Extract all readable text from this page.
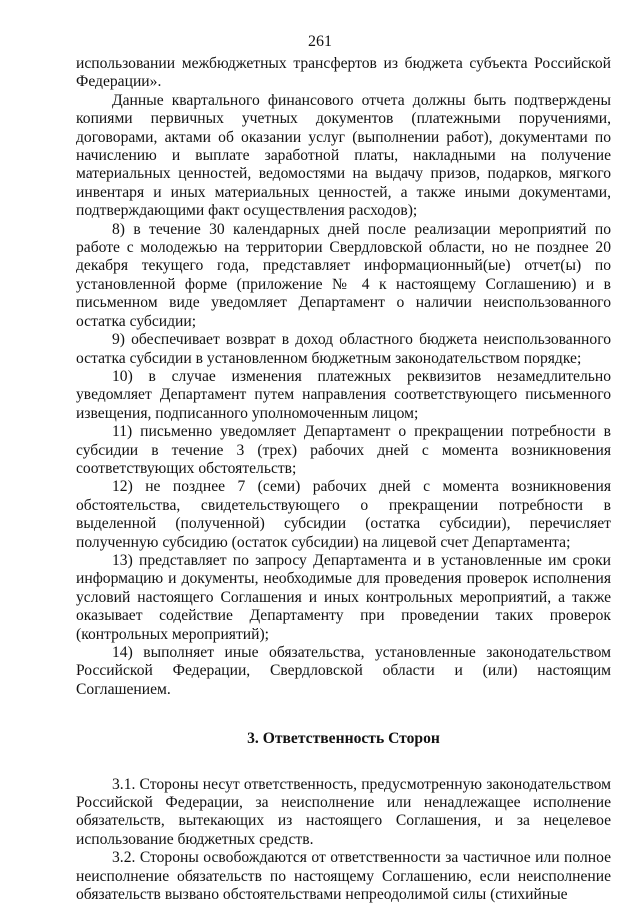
261

использовании межбюджетных трансфертов из бюджета субъекта Российской Федерации».

Данные квартального финансового отчета должны быть подтверждены копиями первичных учетных документов (платежными поручениями, договорами, актами об оказании услуг (выполнении работ), документами по начислению и выплате заработной платы, накладными на получение материальных ценностей, ведомостями на выдачу призов, подарков, мягкого инвентаря и иных материальных ценностей, а также иными документами, подтверждающими факт осуществления расходов);

8) в течение 30 календарных дней после реализации мероприятий по работе с молодежью на территории Свердловской области, но не позднее 20 декабря текущего года, представляет информационный(ые) отчет(ы) по установленной форме (приложение № 4 к настоящему Соглашению) и в письменном виде уведомляет Департамент о наличии неиспользованного остатка субсидии;

9) обеспечивает возврат в доход областного бюджета неиспользованного остатка субсидии в установленном бюджетным законодательством порядке;

10) в случае изменения платежных реквизитов незамедлительно уведомляет Департамент путем направления соответствующего письменного извещения, подписанного уполномоченным лицом;

11) письменно уведомляет Департамент о прекращении потребности в субсидии в течение 3 (трех) рабочих дней с момента возникновения соответствующих обстоятельств;

12) не позднее 7 (семи) рабочих дней с момента возникновения обстоятельства, свидетельствующего о прекращении потребности в выделенной (полученной) субсидии (остатка субсидии), перечисляет полученную субсидию (остаток субсидии) на лицевой счет Департамента;

13) представляет по запросу Департамента и в установленные им сроки информацию и документы, необходимые для проведения проверок исполнения условий настоящего Соглашения и иных контрольных мероприятий, а также оказывает содействие Департаменту при проведении таких проверок (контрольных мероприятий);

14) выполняет иные обязательства, установленные законодательством Российской Федерации, Свердловской области и (или) настоящим Соглашением.

3. Ответственность Сторон

3.1. Стороны несут ответственность, предусмотренную законодательством Российской Федерации, за неисполнение или ненадлежащее исполнение обязательств, вытекающих из настоящего Соглашения, и за нецелевое использование бюджетных средств.

3.2. Стороны освобождаются от ответственности за частичное или полное неисполнение обязательств по настоящему Соглашению, если неисполнение обязательств вызвано обстоятельствами непреодолимой силы (стихийные
